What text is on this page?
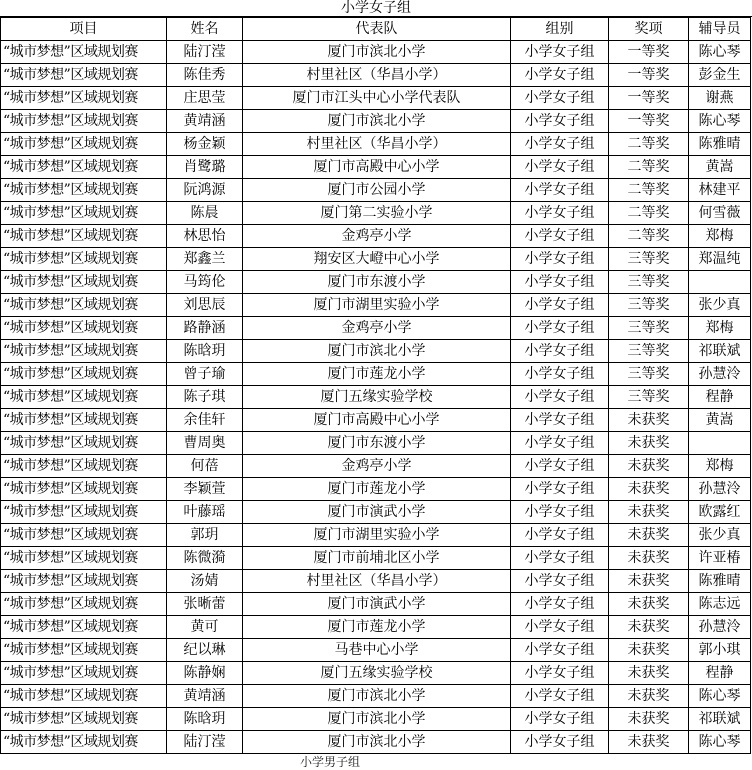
小学女子组
项目	姓名	代表队	组别	奖项	辅导员
“城市梦想”区域规划赛	陆汀滢	厦门市滨北小学	小学女子组	一等奖	陈心琴
“城市梦想”区域规划赛	陈佳秀	村里社区（华昌小学）	小学女子组	一等奖	彭金生
“城市梦想”区域规划赛	庄思莹	厦门市江头中心小学代表队	小学女子组	一等奖	谢燕
“城市梦想”区域规划赛	黄靖涵	厦门市滨北小学	小学女子组	一等奖	陈心琴
“城市梦想”区域规划赛	杨金颖	村里社区（华昌小学）	小学女子组	二等奖	陈雅晴
“城市梦想”区域规划赛	肖鹭璐	厦门市高殿中心小学	小学女子组	二等奖	黄嵩
“城市梦想”区域规划赛	阮鸿源	厦门市公园小学	小学女子组	二等奖	林建平
“城市梦想”区域规划赛	陈晨	厦门第二实验小学	小学女子组	二等奖	何雪薇
“城市梦想”区域规划赛	林思怡	金鸡亭小学	小学女子组	二等奖	郑梅
“城市梦想”区域规划赛	郑鑫兰	翔安区大嶝中心小学	小学女子组	三等奖	郑温纯
“城市梦想”区域规划赛	马筠伦	厦门市东渡小学	小学女子组	三等奖	
“城市梦想”区域规划赛	刘思辰	厦门市湖里实验小学	小学女子组	三等奖	张少真
“城市梦想”区域规划赛	路静涵	金鸡亭小学	小学女子组	三等奖	郑梅
“城市梦想”区域规划赛	陈晗玥	厦门市滨北小学	小学女子组	三等奖	祁联斌
“城市梦想”区域规划赛	曾子瑜	厦门市莲龙小学	小学女子组	三等奖	孙慧泠
“城市梦想”区域规划赛	陈子琪	厦门五缘实验学校	小学女子组	三等奖	程静
“城市梦想”区域规划赛	余佳轩	厦门市高殿中心小学	小学女子组	未获奖	黄嵩
“城市梦想”区域规划赛	曹周奥	厦门市东渡小学	小学女子组	未获奖	
“城市梦想”区域规划赛	何蓓	金鸡亭小学	小学女子组	未获奖	郑梅
“城市梦想”区域规划赛	李颖萱	厦门市莲龙小学	小学女子组	未获奖	孙慧泠
“城市梦想”区域规划赛	叶藤瑶	厦门市演武小学	小学女子组	未获奖	欧露红
“城市梦想”区域规划赛	郭玥	厦门市湖里实验小学	小学女子组	未获奖	张少真
“城市梦想”区域规划赛	陈微漪	厦门市前埔北区小学	小学女子组	未获奖	许亚椿
“城市梦想”区域规划赛	汤婧	村里社区（华昌小学）	小学女子组	未获奖	陈雅晴
“城市梦想”区域规划赛	张晰蕾	厦门市演武小学	小学女子组	未获奖	陈志远
“城市梦想”区域规划赛	黄可	厦门市莲龙小学	小学女子组	未获奖	孙慧泠
“城市梦想”区域规划赛	纪以琳	马巷中心小学	小学女子组	未获奖	郭小琪
“城市梦想”区域规划赛	陈静娴	厦门五缘实验学校	小学女子组	未获奖	程静
“城市梦想”区域规划赛	黄靖涵	厦门市滨北小学	小学女子组	未获奖	陈心琴
“城市梦想”区域规划赛	陈晗玥	厦门市滨北小学	小学女子组	未获奖	祁联斌
“城市梦想”区域规划赛	陆汀滢	厦门市滨北小学	小学女子组	未获奖	陈心琴
小学男子组
